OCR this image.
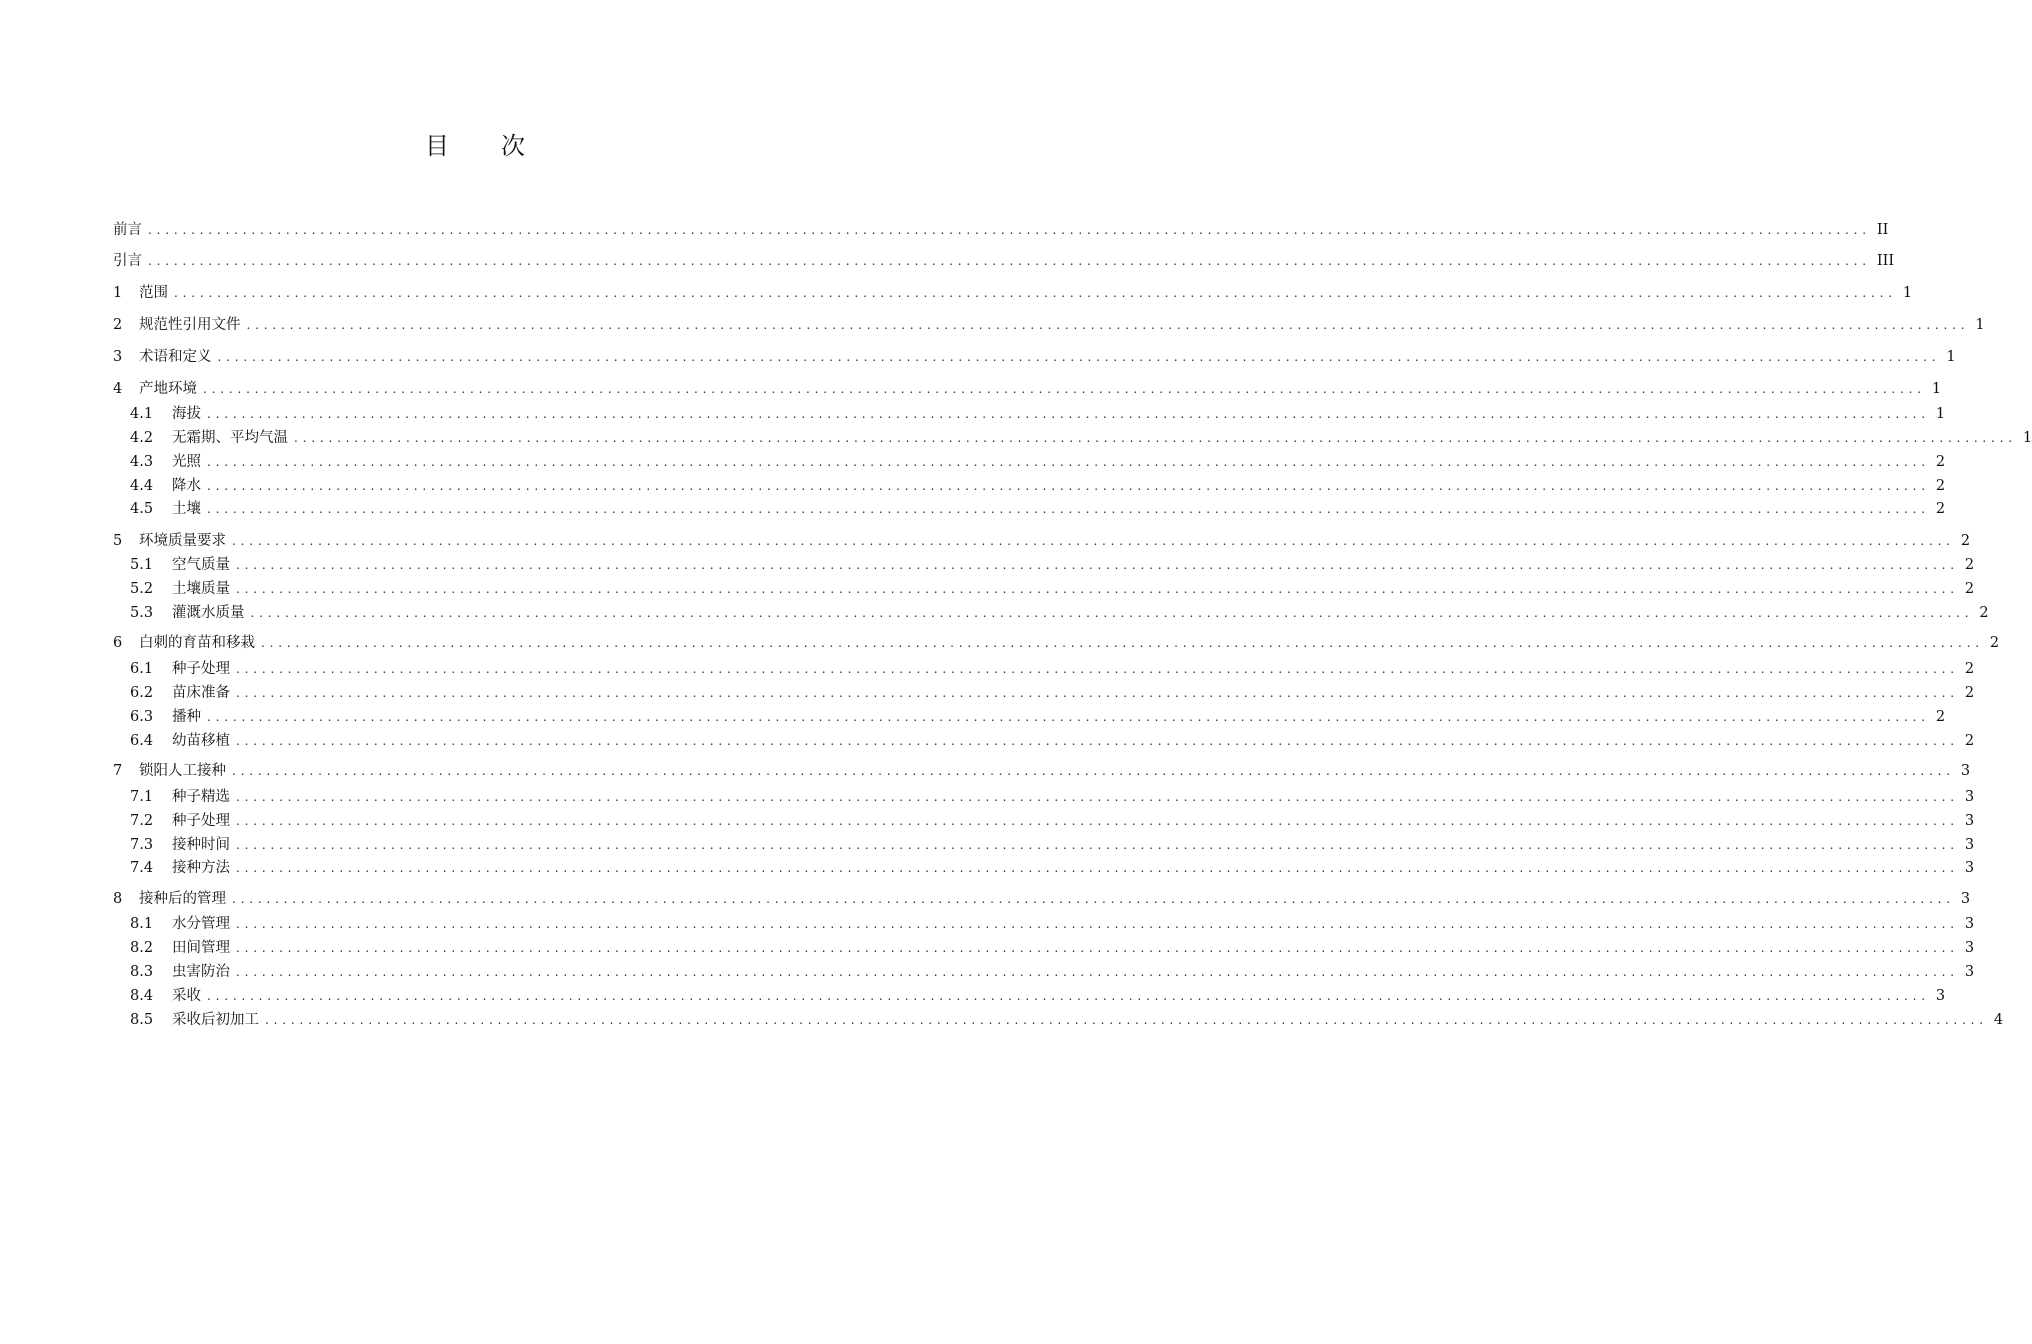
目 次
前言 ........................................................................................................................................................................................................ II
引言 ........................................................................................................................................................................................................ III
1	范围 ........................................................................................................................................................................................................ 1
2	规范性引用文件 ........................................................................................................................................................................................................ 1
3	术语和定义 ........................................................................................................................................................................................................ 1
4	产地环境 ........................................................................................................................................................................................................ 1
4.1	海拔 ........................................................................................................................................................................................................ 1
4.2	无霜期、平均气温 ........................................................................................................................................................................................................ 1
4.3	光照 ........................................................................................................................................................................................................ 2
4.4	降水 ........................................................................................................................................................................................................ 2
4.5	土壤 ........................................................................................................................................................................................................ 2
5	环境质量要求 ........................................................................................................................................................................................................ 2
5.1	空气质量 ........................................................................................................................................................................................................ 2
5.2	土壤质量 ........................................................................................................................................................................................................ 2
5.3	灌溉水质量 ........................................................................................................................................................................................................ 2
6	白刺的育苗和移栽 ........................................................................................................................................................................................................ 2
6.1	种子处理 ........................................................................................................................................................................................................ 2
6.2	苗床准备 ........................................................................................................................................................................................................ 2
6.3	播种 ........................................................................................................................................................................................................ 2
6.4	幼苗移植 ........................................................................................................................................................................................................ 2
7	锁阳人工接种 ........................................................................................................................................................................................................ 3
7.1	种子精选 ........................................................................................................................................................................................................ 3
7.2	种子处理 ........................................................................................................................................................................................................ 3
7.3	接种时间 ........................................................................................................................................................................................................ 3
7.4	接种方法 ........................................................................................................................................................................................................ 3
8	接种后的管理 ........................................................................................................................................................................................................ 3
8.1	水分管理 ........................................................................................................................................................................................................ 3
8.2	田间管理 ........................................................................................................................................................................................................ 3
8.3	虫害防治 ........................................................................................................................................................................................................ 3
8.4	采收 ........................................................................................................................................................................................................ 3
8.5	采收后初加工 ........................................................................................................................................................................................................ 4
